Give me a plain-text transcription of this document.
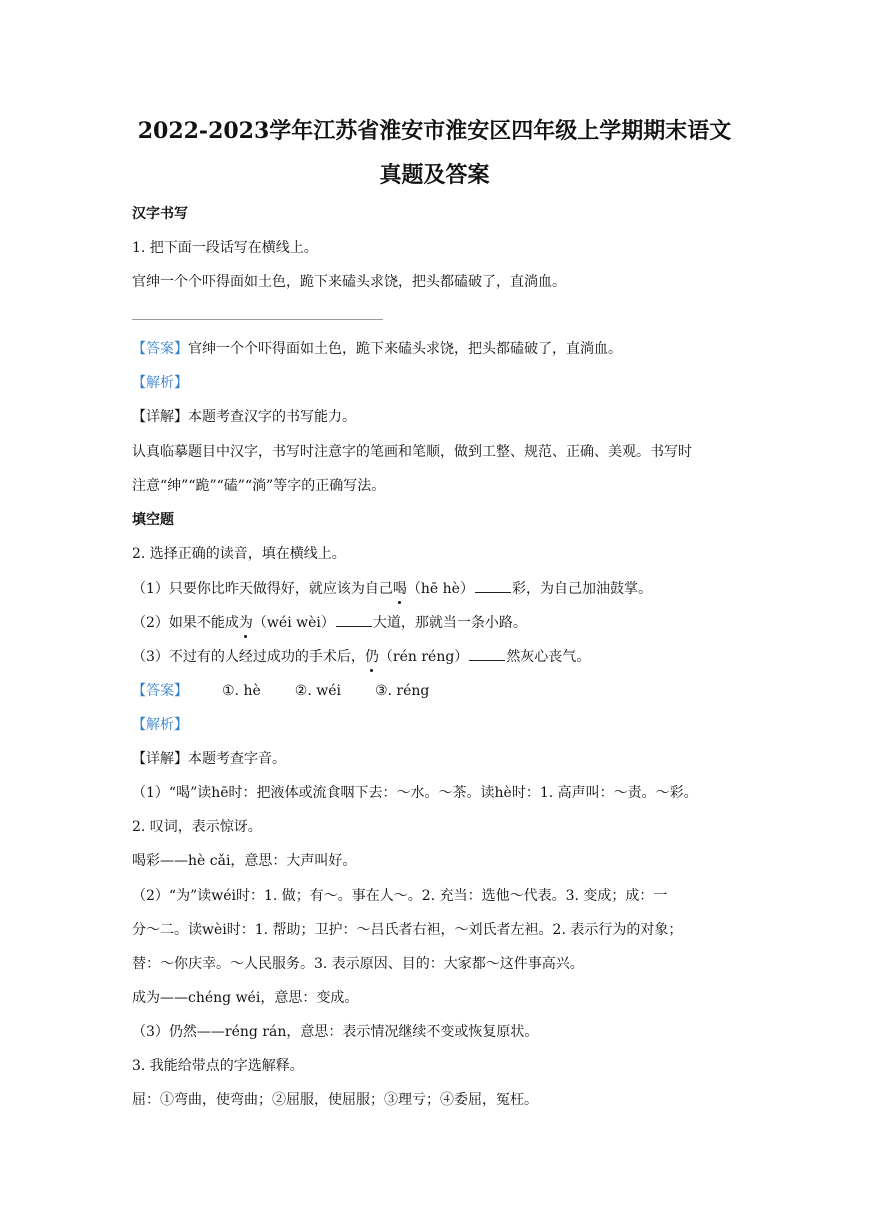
2022-2023学年江苏省淮安市淮安区四年级上学期期末语文
真题及答案
汉字书写
1. 把下面一段话写在横线上。
官绅一个个吓得面如土色，跪下来磕头求饶，把头都磕破了，直淌血。
【答案】官绅一个个吓得面如土色，跪下来磕头求饶，把头都磕破了，直淌血。
【解析】
【详解】本题考查汉字的书写能力。
认真临摹题目中汉字，书写时注意字的笔画和笔顺，做到工整、规范、正确、美观。书写时
注意“绅”“跪”“磕”“淌”等字的正确写法。
填空题
2. 选择正确的读音，填在横线上。
（1）只要你比昨天做得好，就应该为自己喝（hē hè）	彩，为自己加油鼓掌。
（2）如果不能成为（wéi wèi）	大道，那就当一条小路。
（3）不过有的人经过成功的手术后，仍（rén réng）	然灰心丧气。
【答案】 ①. hè ②. wéi ③. réng
【解析】
【详解】本题考查字音。
（1）“喝”读hē时：把液体或流食咽下去：～水。～茶。读hè时：1. 高声叫：～责。～彩。
2. 叹词，表示惊讶。
喝彩——hè cǎi，意思：大声叫好。
（2）“为”读wéi时：1. 做；有～。事在人～。2. 充当：选他～代表。3. 变成；成：一
分～二。读wèi时：1. 帮助；卫护：～吕氏者右袒，～刘氏者左袒。2. 表示行为的对象；
替：～你庆幸。～人民服务。3. 表示原因、目的：大家都～这件事高兴。
成为——chéng wéi，意思：变成。
（3）仍然——réng rán，意思：表示情况继续不变或恢复原状。
3. 我能给带点的字选解释。
屈：①弯曲，使弯曲；②屈服，使屈服；③理亏；④委屈，冤枉。
